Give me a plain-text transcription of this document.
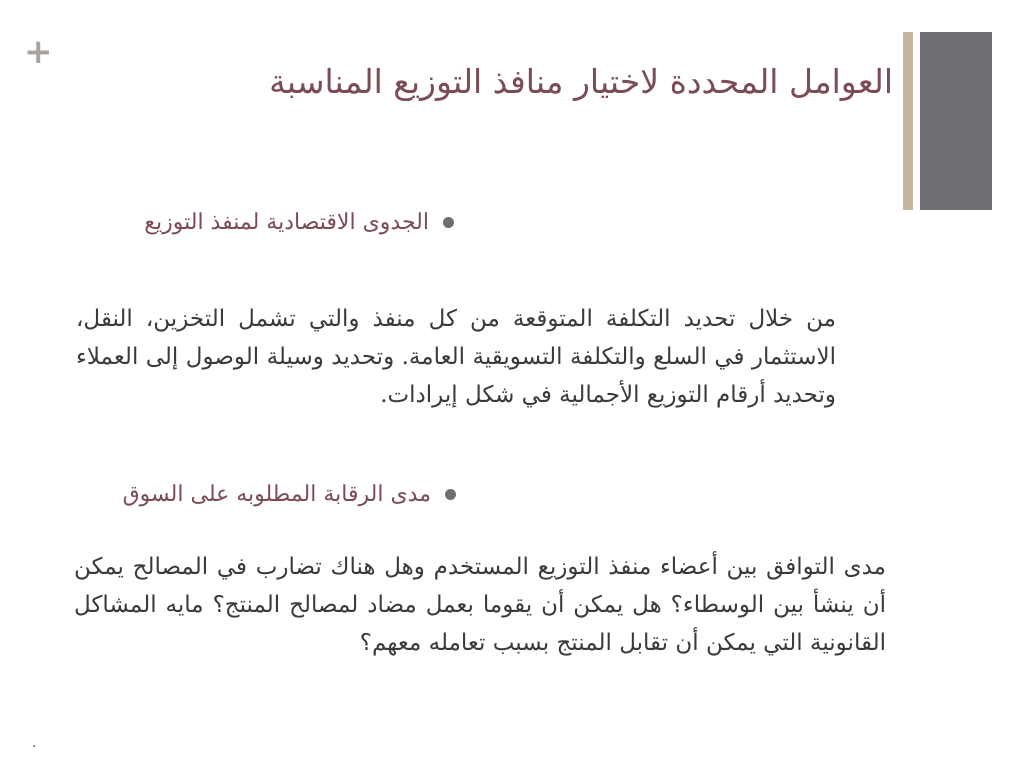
+
العوامل المحددة لاختيار منافذ التوزيع المناسبة
الجدوى الاقتصادية لمنفذ التوزيع
من خلال تحديد التكلفة المتوقعة من كل منفذ والتي تشمل التخزين، النقل، الاستثمار في السلع والتكلفة التسويقية العامة. وتحديد وسيلة الوصول إلى العملاء وتحديد أرقام التوزيع الأجمالية في شكل إيرادات.
مدى الرقابة المطلوبه على السوق
مدى التوافق بين أعضاء منفذ التوزيع المستخدم وهل هناك تضارب في المصالح يمكن أن ينشأ بين الوسطاء؟ هل يمكن أن يقوما بعمل مضاد لمصالح المنتج؟ مايه المشاكل القانونية التي يمكن أن تقابل المنتج بسبب تعامله معهم؟
.
